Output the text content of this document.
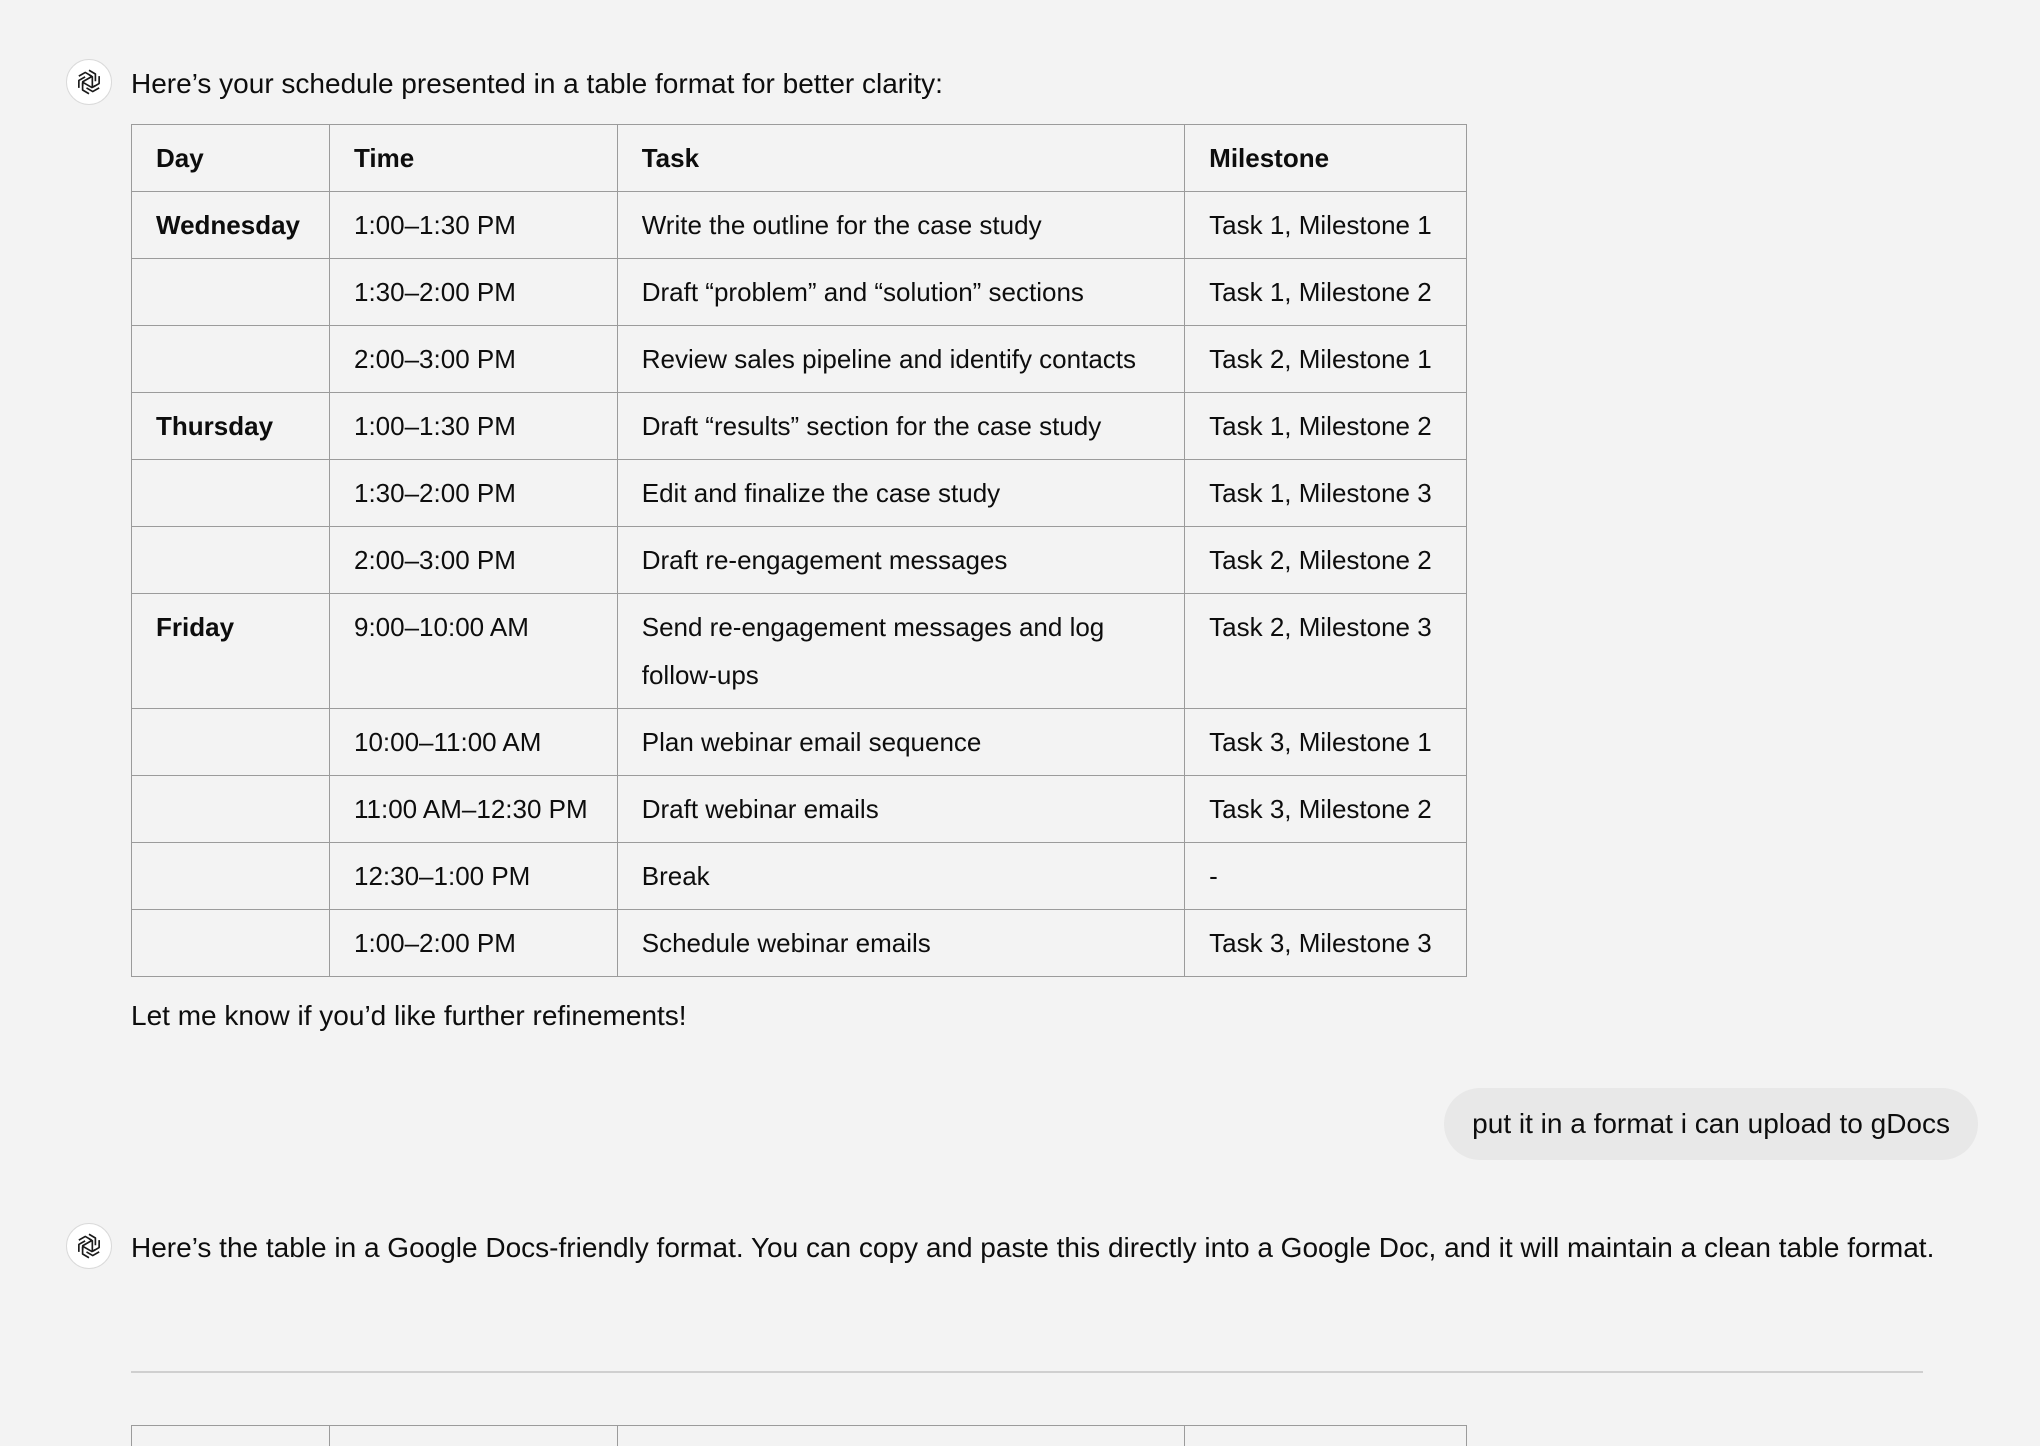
Here’s your schedule presented in a table format for better clarity:

Day	Time	Task	Milestone
Wednesday	1:00–1:30 PM	Write the outline for the case study	Task 1, Milestone 1
	1:30–2:00 PM	Draft “problem” and “solution” sections	Task 1, Milestone 2
	2:00–3:00 PM	Review sales pipeline and identify contacts	Task 2, Milestone 1
Thursday	1:00–1:30 PM	Draft “results” section for the case study	Task 1, Milestone 2
	1:30–2:00 PM	Edit and finalize the case study	Task 1, Milestone 3
	2:00–3:00 PM	Draft re-engagement messages	Task 2, Milestone 2
Friday	9:00–10:00 AM	Send re-engagement messages and log follow-ups	Task 2, Milestone 3
	10:00–11:00 AM	Plan webinar email sequence	Task 3, Milestone 1
	11:00 AM–12:30 PM	Draft webinar emails	Task 3, Milestone 2
	12:30–1:00 PM	Break	-
	1:00–2:00 PM	Schedule webinar emails	Task 3, Milestone 3

Let me know if you’d like further refinements!

put it in a format i can upload to gDocs

Here’s the table in a Google Docs-friendly format. You can copy and paste this directly into a Google Doc, and it will maintain a clean table format.
